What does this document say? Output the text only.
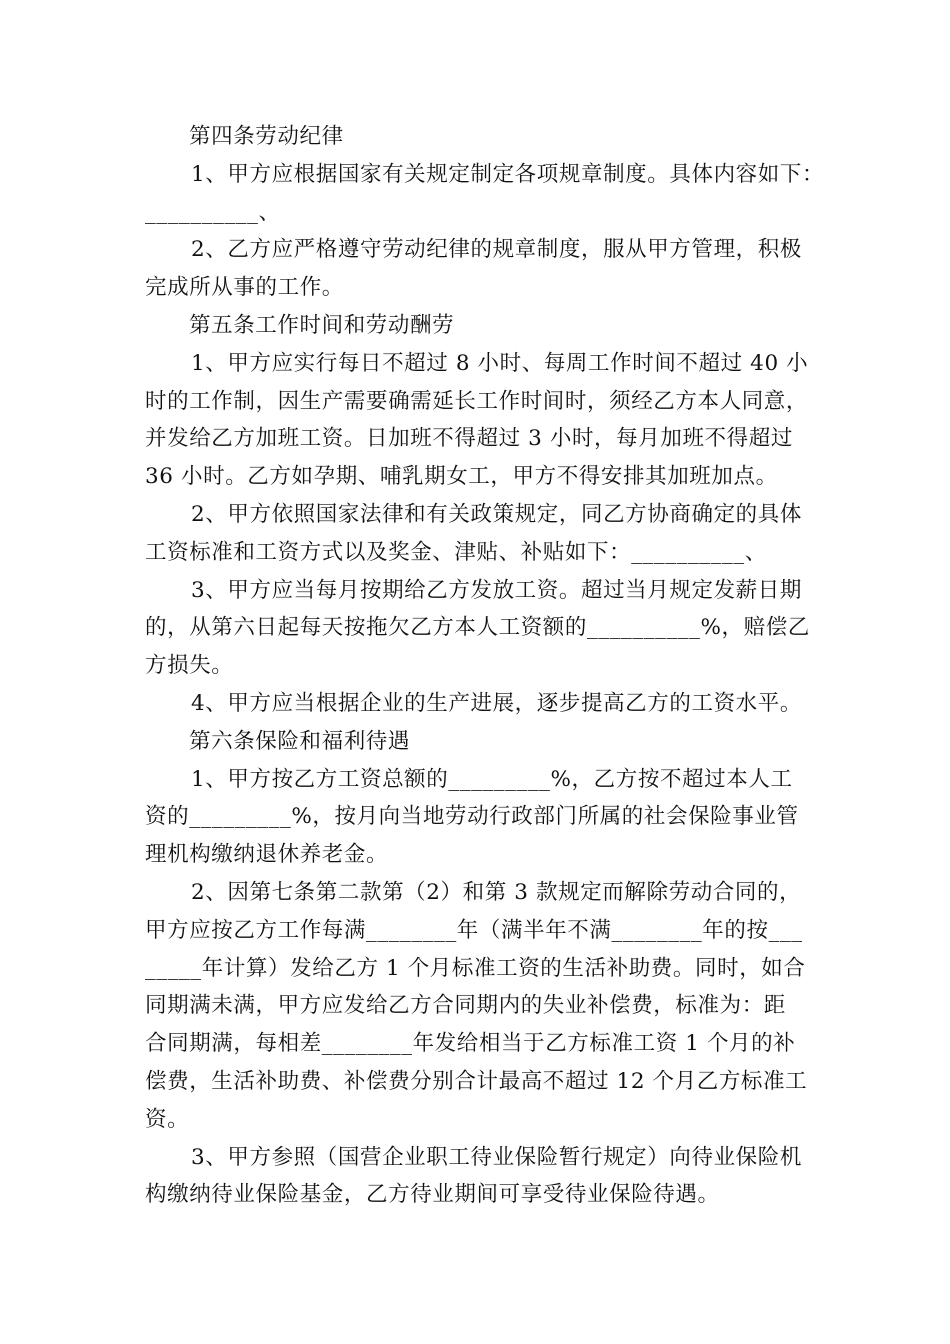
第四条劳动纪律
1、甲方应根据国家有关规定制定各项规章制度。具体内容如下：
__________、
2、乙方应严格遵守劳动纪律的规章制度，服从甲方管理，积极
完成所从事的工作。
第五条工作时间和劳动酬劳
1、甲方应实行每日不超过 8 小时、每周工作时间不超过 40 小
时的工作制，因生产需要确需延长工作时间时，须经乙方本人同意，
并发给乙方加班工资。日加班不得超过 3 小时，每月加班不得超过
36 小时。乙方如孕期、哺乳期女工，甲方不得安排其加班加点。
2、甲方依照国家法律和有关政策规定，同乙方协商确定的具体
工资标准和工资方式以及奖金、津贴、补贴如下：__________、
3、甲方应当每月按期给乙方发放工资。超过当月规定发薪日期
的，从第六日起每天按拖欠乙方本人工资额的__________%，赔偿乙
方损失。
4、甲方应当根据企业的生产进展，逐步提高乙方的工资水平。
第六条保险和福利待遇
1、甲方按乙方工资总额的_________%，乙方按不超过本人工
资的_________%，按月向当地劳动行政部门所属的社会保险事业管
理机构缴纳退休养老金。
2、因第七条第二款第（2）和第 3 款规定而解除劳动合同的，
甲方应按乙方工作每满________年（满半年不满________年的按___
_____年计算）发给乙方 1 个月标准工资的生活补助费。同时，如合
同期满未满，甲方应发给乙方合同期内的失业补偿费，标准为：距
合同期满，每相差________年发给相当于乙方标准工资 1 个月的补
偿费，生活补助费、补偿费分别合计最高不超过 12 个月乙方标准工
资。
3、甲方参照（国营企业职工待业保险暂行规定）向待业保险机
构缴纳待业保险基金，乙方待业期间可享受待业保险待遇。
